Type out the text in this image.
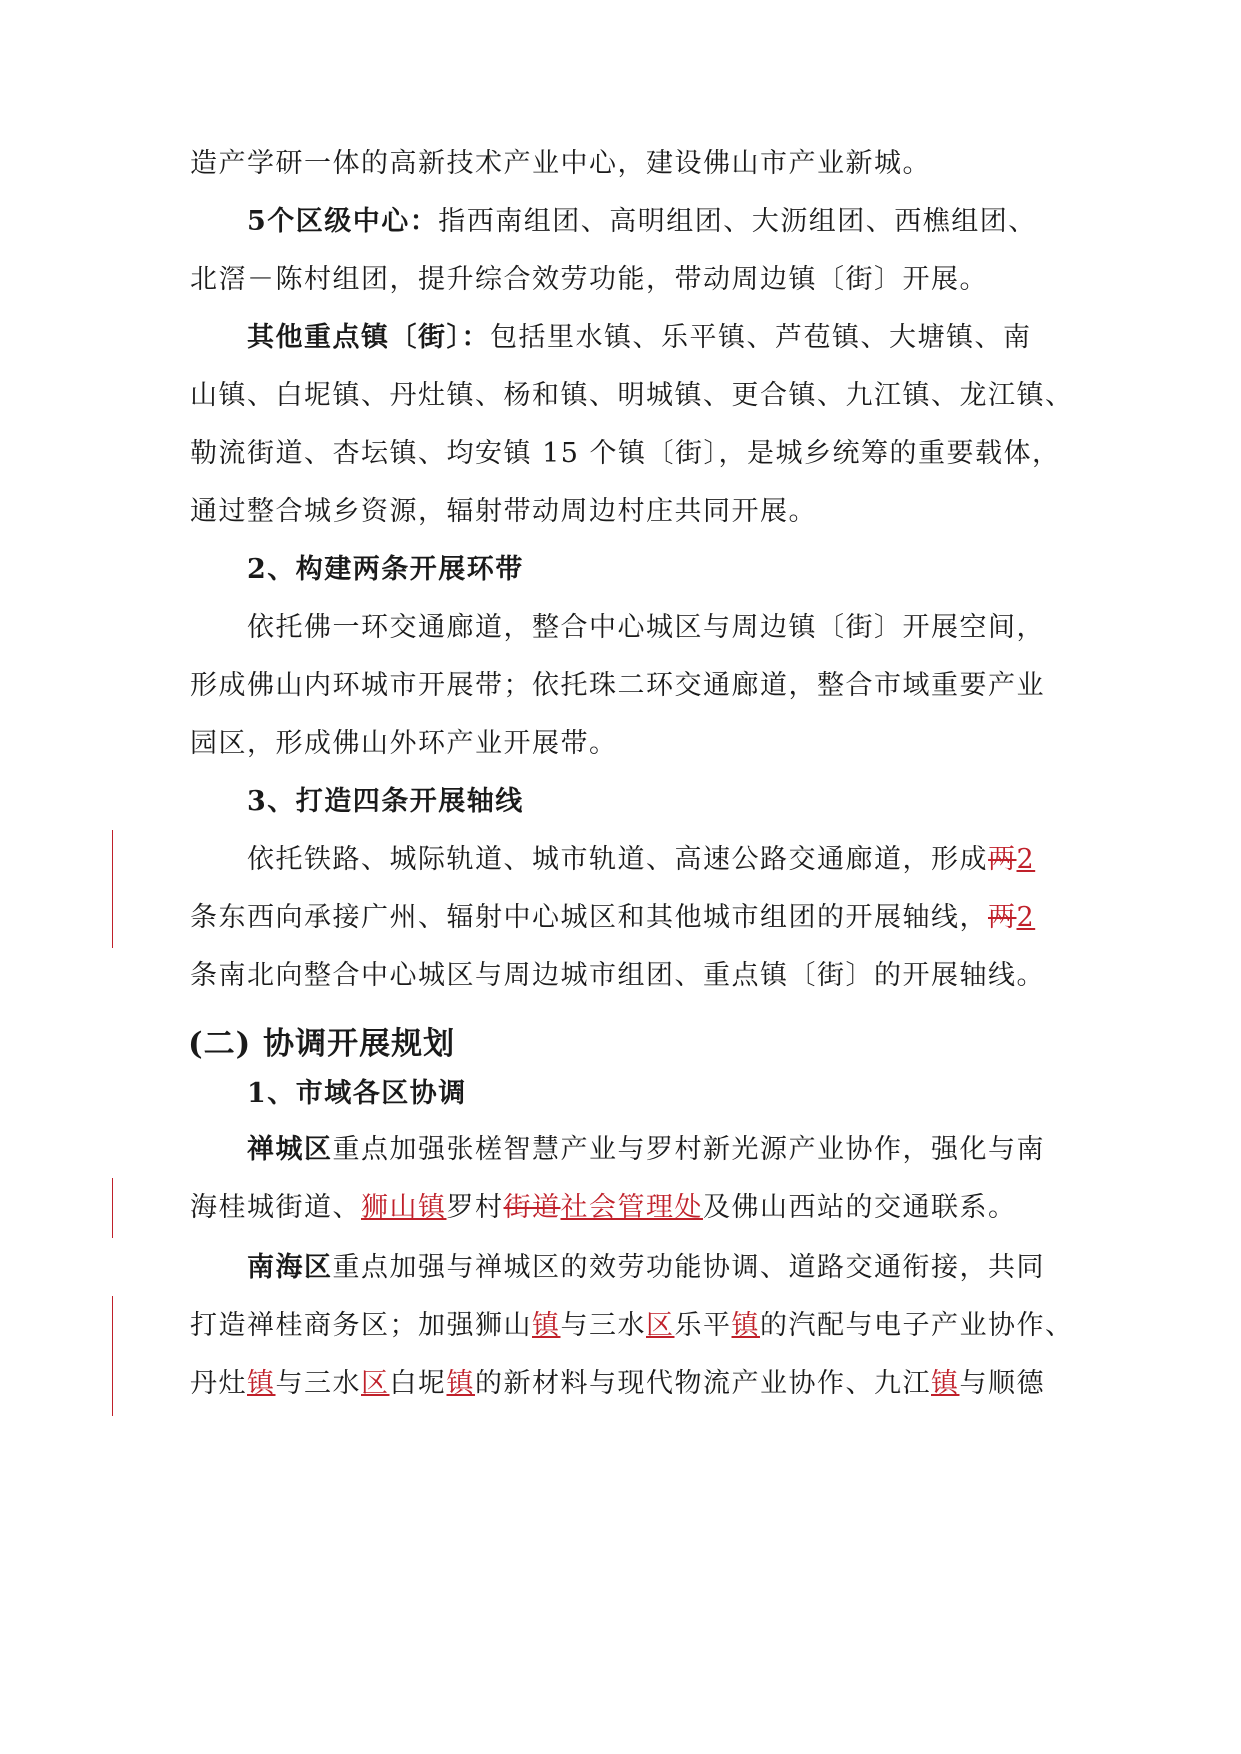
造产学研一体的高新技术产业中心，建设佛山市产业新城。
5个区级中心：指西南组团、高明组团、大沥组团、西樵组团、
北滘－陈村组团，提升综合效劳功能，带动周边镇〔街〕开展。
其他重点镇〔街〕：包括里水镇、乐平镇、芦苞镇、大塘镇、南
山镇、白坭镇、丹灶镇、杨和镇、明城镇、更合镇、九江镇、龙江镇、
勒流街道、杏坛镇、均安镇 15 个镇〔街〕，是城乡统筹的重要载体，
通过整合城乡资源，辐射带动周边村庄共同开展。
2、构建两条开展环带
依托佛一环交通廊道，整合中心城区与周边镇〔街〕开展空间，
形成佛山内环城市开展带；依托珠二环交通廊道，整合市域重要产业
园区，形成佛山外环产业开展带。
3、打造四条开展轴线
依托铁路、城际轨道、城市轨道、高速公路交通廊道，形成两2
条东西向承接广州、辐射中心城区和其他城市组团的开展轴线，两2
条南北向整合中心城区与周边城市组团、重点镇〔街〕的开展轴线。
(二) 协调开展规划
1、市域各区协调
禅城区重点加强张槎智慧产业与罗村新光源产业协作，强化与南
海桂城街道、狮山镇罗村街道社会管理处及佛山西站的交通联系。
南海区重点加强与禅城区的效劳功能协调、道路交通衔接，共同
打造禅桂商务区；加强狮山镇与三水区乐平镇的汽配与电子产业协作、
丹灶镇与三水区白坭镇的新材料与现代物流产业协作、九江镇与顺德
